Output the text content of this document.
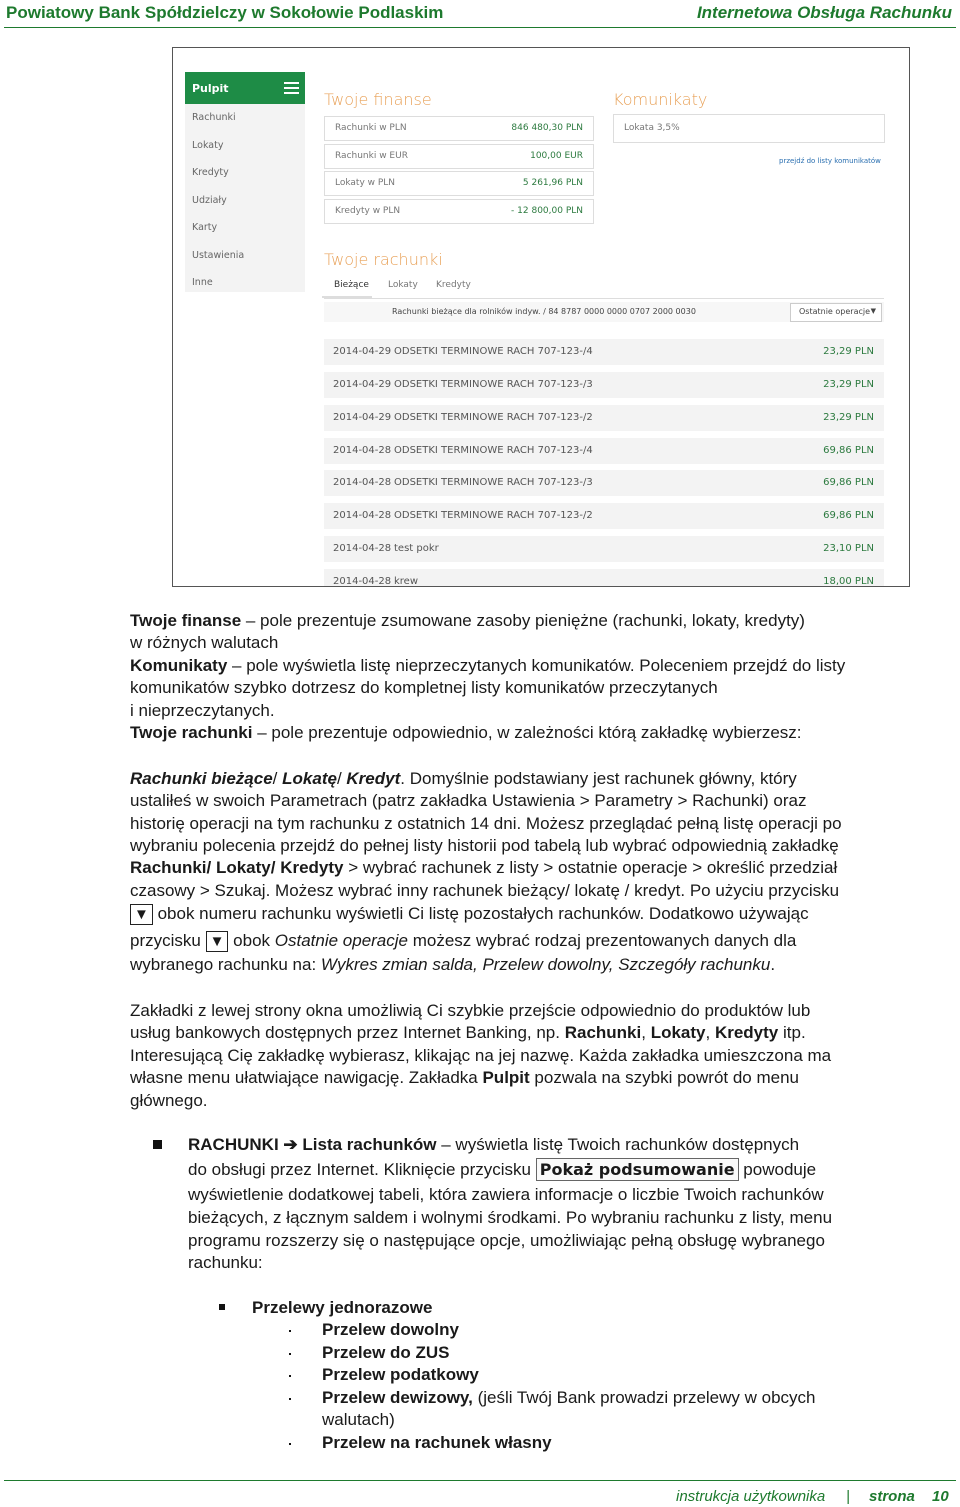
Powiatowy Bank Spółdzielczy w Sokołowie Podlaskim	Internetowa Obsługa Rachunku
Pulpit
Rachunki
Lokaty
Kredyty
Udziały
Karty
Ustawienia
Inne
Twoje finanse
Rachunki w PLN	846 480,30 PLN
Rachunki w EUR	100,00 EUR
Lokaty w PLN	5 261,96 PLN
Kredyty w PLN	- 12 800,00 PLN
Komunikaty
Lokata 3,5%
przejdź do listy komunikatów
Twoje rachunki
Bieżące Lokaty Kredyty
Rachunki bieżące dla rolników indyw. / 84 8787 0000 0000 0707 2000 0030	Ostatnie operacje ▼
2014-04-29 ODSETKI TERMINOWE RACH 707-123-/4	23,29 PLN
2014-04-29 ODSETKI TERMINOWE RACH 707-123-/3	23,29 PLN
2014-04-29 ODSETKI TERMINOWE RACH 707-123-/2	23,29 PLN
2014-04-28 ODSETKI TERMINOWE RACH 707-123-/4	69,86 PLN
2014-04-28 ODSETKI TERMINOWE RACH 707-123-/3	69,86 PLN
2014-04-28 ODSETKI TERMINOWE RACH 707-123-/2	69,86 PLN
2014-04-28 test pokr	23,10 PLN
2014-04-28 krew	18,00 PLN
Twoje finanse – pole prezentuje zsumowane zasoby pieniężne (rachunki, lokaty, kredyty)
w różnych walutach
Komunikaty – pole wyświetla listę nieprzeczytanych komunikatów. Poleceniem przejdź do listy
komunikatów szybko dotrzesz do kompletnej listy komunikatów przeczytanych
i nieprzeczytanych.
Twoje rachunki – pole prezentuje odpowiednio, w zależności którą zakładkę wybierzesz:
Rachunki bieżące/ Lokatę/ Kredyt. Domyślnie podstawiany jest rachunek główny, który
ustaliłeś w swoich Parametrach (patrz zakładka Ustawienia > Parametry > Rachunki) oraz
historię operacji na tym rachunku z ostatnich 14 dni. Możesz przeglądać pełną listę operacji po
wybraniu polecenia przejdź do pełnej listy historii pod tabelą lub wybrać odpowiednią zakładkę
Rachunki/ Lokaty/ Kredyty > wybrać rachunek z listy > ostatnie operacje > określić przedział
czasowy > Szukaj. Możesz wybrać inny rachunek bieżący/ lokatę / kredyt. Po użyciu przycisku
▼ obok numeru rachunku wyświetli Ci listę pozostałych rachunków. Dodatkowo używając
przycisku ▼ obok Ostatnie operacje możesz wybrać rodzaj prezentowanych danych dla
wybranego rachunku na: Wykres zmian salda, Przelew dowolny, Szczegóły rachunku.
Zakładki z lewej strony okna umożliwią Ci szybkie przejście odpowiednio do produktów lub
usług bankowych dostępnych przez Internet Banking, np. Rachunki, Lokaty, Kredyty itp.
Interesującą Cię zakładkę wybierasz, klikając na jej nazwę. Każda zakładka umieszczona ma
własne menu ułatwiające nawigację. Zakładka Pulpit pozwala na szybki powrót do menu
głównego.
RACHUNKI ➔ Lista rachunków – wyświetla listę Twoich rachunków dostępnych
do obsługi przez Internet. Kliknięcie przycisku Pokaż podsumowanie powoduje
wyświetlenie dodatkowej tabeli, która zawiera informacje o liczbie Twoich rachunków
bieżących, z łącznym saldem i wolnymi środkami. Po wybraniu rachunku z listy, menu
programu rozszerzy się o następujące opcje, umożliwiając pełną obsługę wybranego
rachunku:
Przelewy jednorazowe
Przelew dowolny
Przelew do ZUS
Przelew podatkowy
Przelew dewizowy, (jeśli Twój Bank prowadzi przelewy w obcych
walutach)
Przelew na rachunek własny
instrukcja użytkownika | strona 10
